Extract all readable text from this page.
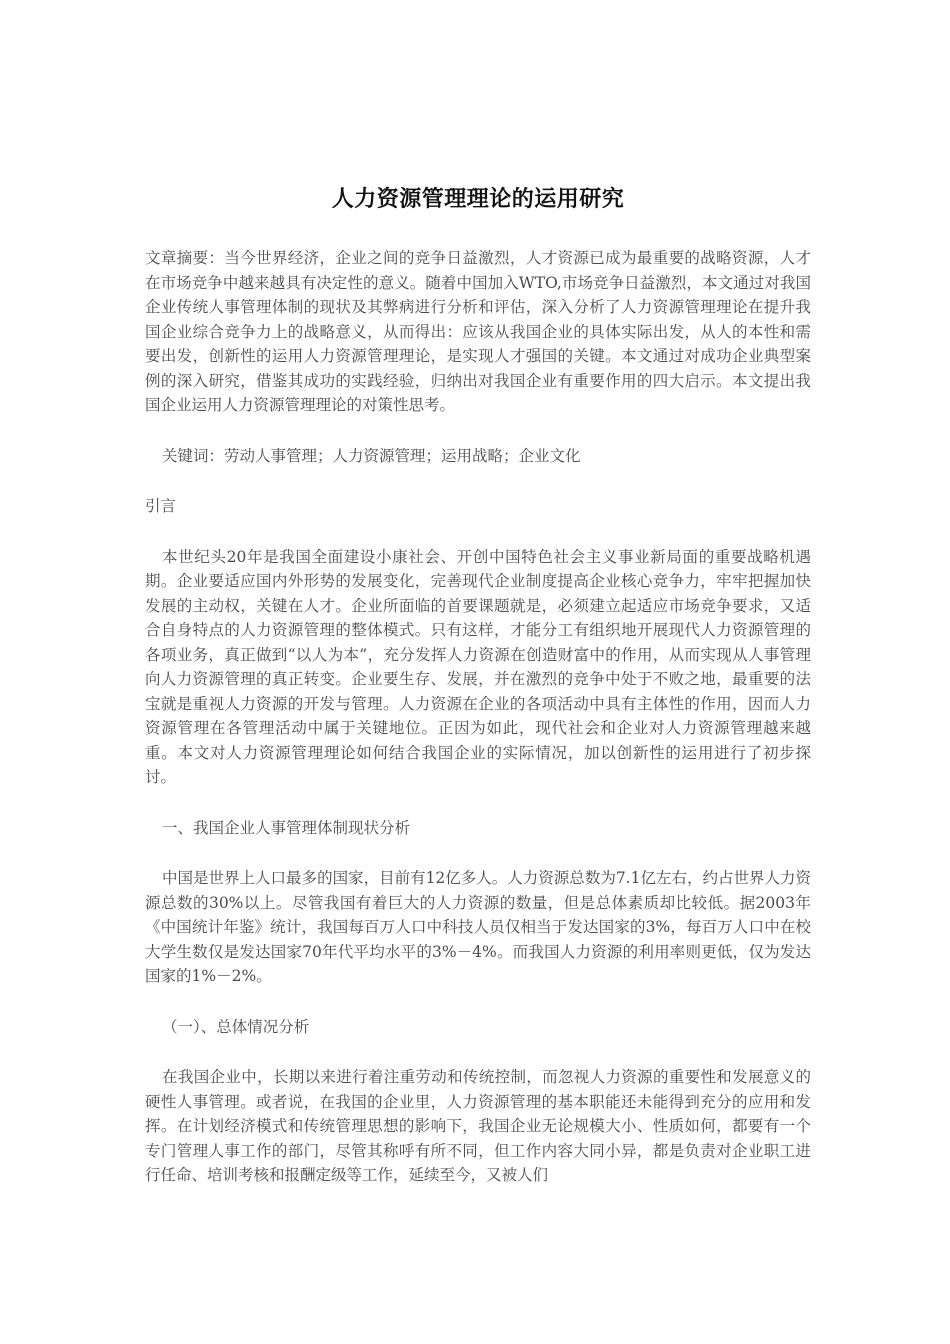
人力资源管理理论的运用研究

文章摘要：当今世界经济，企业之间的竞争日益激烈，人才资源已成为最重要的战略资源，人才在市场竞争中越来越具有决定性的意义。随着中国加入WTO,市场竞争日益激烈，本文通过对我国企业传统人事管理体制的现状及其弊病进行分析和评估，深入分析了人力资源管理理论在提升我国企业综合竞争力上的战略意义，从而得出：应该从我国企业的具体实际出发，从人的本性和需要出发，创新性的运用人力资源管理理论，是实现人才强国的关键。本文通过对成功企业典型案例的深入研究，借鉴其成功的实践经验，归纳出对我国企业有重要作用的四大启示。本文提出我国企业运用人力资源管理理论的对策性思考。

关键词：劳动人事管理；人力资源管理；运用战略；企业文化

引言

本世纪头20年是我国全面建设小康社会、开创中国特色社会主义事业新局面的重要战略机遇期。企业要适应国内外形势的发展变化，完善现代企业制度提高企业核心竞争力，牢牢把握加快发展的主动权，关键在人才。企业所面临的首要课题就是，必须建立起适应市场竞争要求，又适合自身特点的人力资源管理的整体模式。只有这样，才能分工有组织地开展现代人力资源管理的各项业务，真正做到“以人为本”，充分发挥人力资源在创造财富中的作用，从而实现从人事管理向人力资源管理的真正转变。企业要生存、发展，并在激烈的竞争中处于不败之地，最重要的法宝就是重视人力资源的开发与管理。人力资源在企业的各项活动中具有主体性的作用，因而人力资源管理在各管理活动中属于关键地位。正因为如此，现代社会和企业对人力资源管理越来越重。本文对人力资源管理理论如何结合我国企业的实际情况，加以创新性的运用进行了初步探讨。

一、我国企业人事管理体制现状分析

中国是世界上人口最多的国家，目前有12亿多人。人力资源总数为7.1亿左右，约占世界人力资源总数的30%以上。尽管我国有着巨大的人力资源的数量，但是总体素质却比较低。据2003年《中国统计年鉴》统计，我国每百万人口中科技人员仅相当于发达国家的3%，每百万人口中在校大学生数仅是发达国家70年代平均水平的3%－4%。而我国人力资源的利用率则更低，仅为发达国家的1%－2%。

（一）、总体情况分析

在我国企业中，长期以来进行着注重劳动和传统控制，而忽视人力资源的重要性和发展意义的硬性人事管理。或者说，在我国的企业里，人力资源管理的基本职能还未能得到充分的应用和发挥。在计划经济模式和传统管理思想的影响下，我国企业无论规模大小、性质如何，都要有一个专门管理人事工作的部门，尽管其称呼有所不同，但工作内容大同小异，都是负责对企业职工进行任命、培训考核和报酬定级等工作，延续至今，又被人们
